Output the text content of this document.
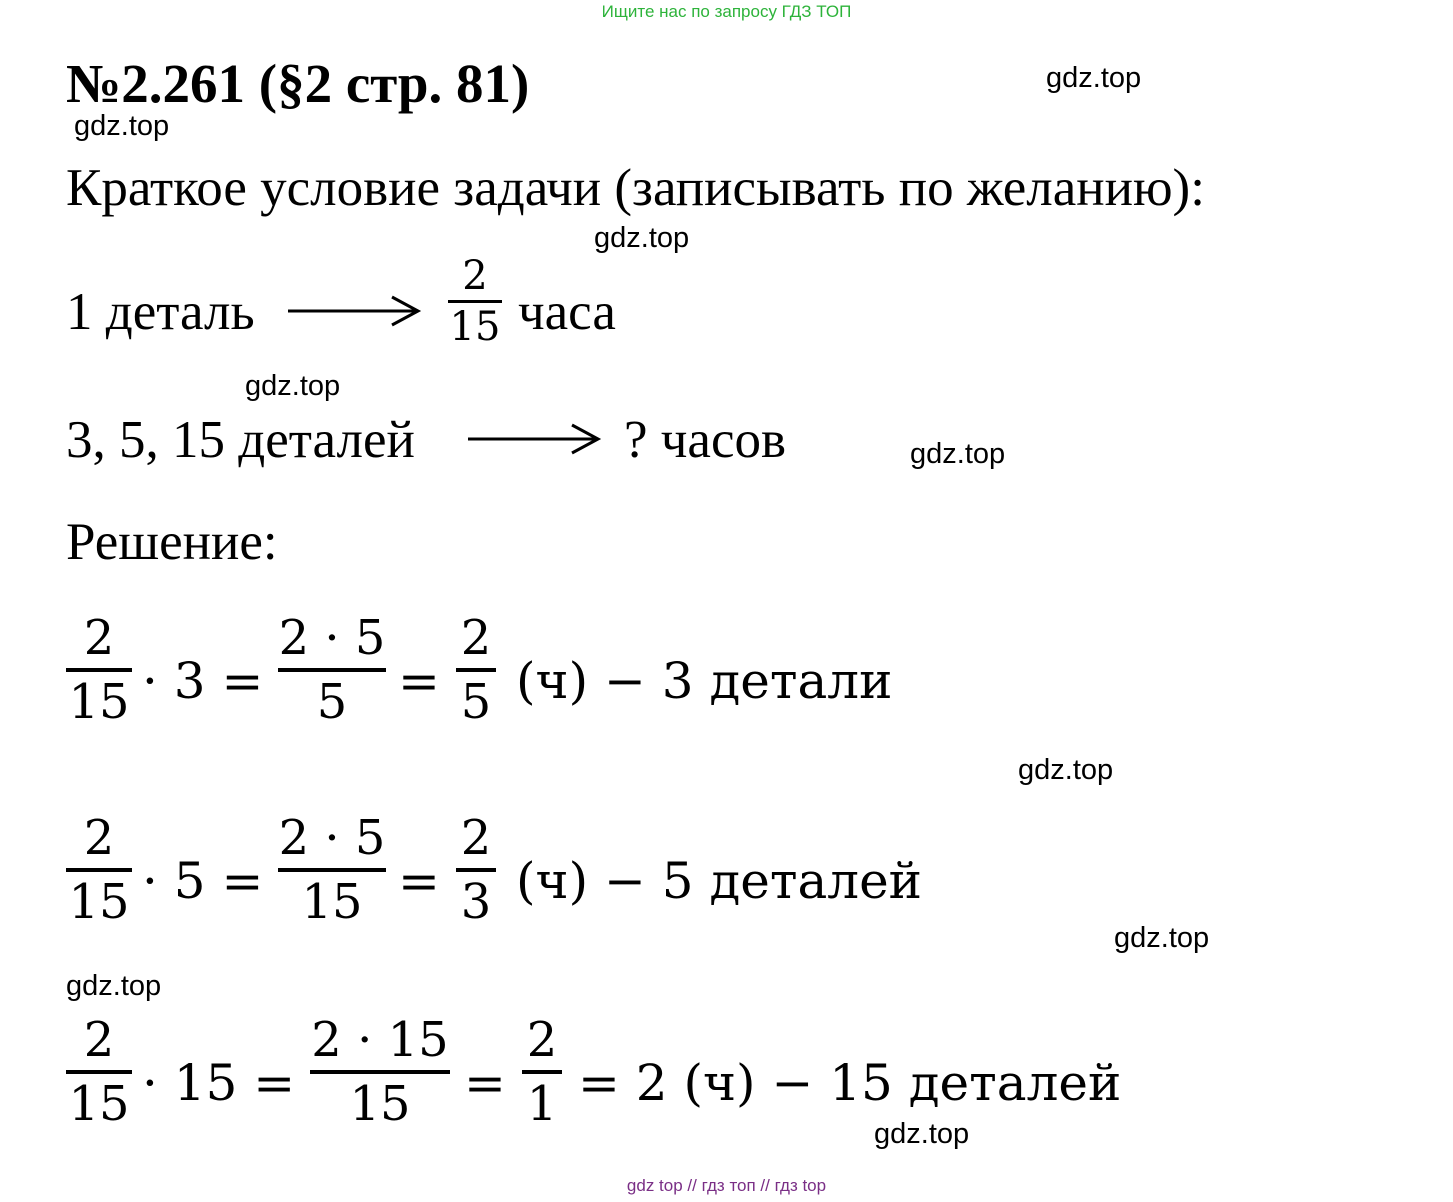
Ищите нас по запросу ГДЗ ТОП
№2.261 (§2 стр. 81)	gdz.top
gdz.top
gdz.top
gdz.top
gdz.top
gdz.top
gdz.top
gdz.top
gdz.top
Краткое условие задачи (записывать по желанию):
1 деталь
2
15 часа
3, 5, 15 деталей	? часов
Решение:
2
15 · 3 =
2 · 5
5 =
2
5 (ч) − 3 детали
2
15 · 5 =
2 · 5
15 =
2
3 (ч) − 5 деталей
2
15 · 15 =
2 · 15
15 =
2
1 = 2 (ч) − 15 деталей
gdz top // гдз топ // гдз top
